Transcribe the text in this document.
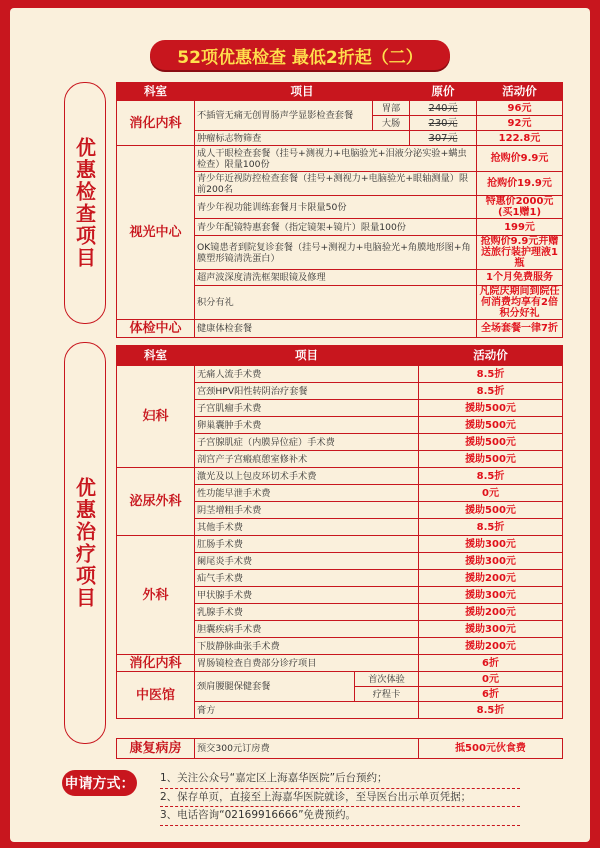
52项优惠检查 最低2折起（二）
优惠检查项目
优惠治疗项目
科室	项目		原价	活动价
消化内科	不插管无痛无创胃肠声学显影检查套餐	胃部	240元	96元
		大肠	230元	92元
	肿瘤标志物筛查		307元	122.8元
视光中心	成人干眼检查套餐（挂号+测视力+电脑验光+泪液分泌实验+螨虫检查）限量100份			抢购价9.9元
	青少年近视防控检查套餐（挂号+测视力+电脑验光+眼轴测量）限前200名			抢购价19.9元
	青少年视功能训练套餐月卡限量50份			特惠价2000元(买1赠1)
	青少年配镜特惠套餐（指定镜架+镜片）限量100份			199元
	OK镜患者到院复诊套餐（挂号+测视力+电脑验光+角膜地形图+角膜塑形镜清洗蛋白）			抢购价9.9元并赠送旅行装护理液1瓶
	超声波深度清洗框架眼镜及修理			1个月免费服务
	积分有礼			凡院庆期间到院任何消费均享有2倍积分好礼
体检中心	健康体检套餐			全场套餐一律7折
科室	项目		活动价
妇科	无痛人流手术费		8.5折
	宫颈HPV阳性转阴治疗套餐		8.5折
	子宫肌瘤手术费		援助500元
	卵巢囊肿手术费		援助500元
	子宫腺肌症（内膜异位症）手术费		援助500元
	剖宫产子宫瘢痕憩室修补术		援助500元
泌尿外科	激光及以上包皮环切术手术费		8.5折
	性功能早泄手术费		0元
	阴茎增粗手术费		援助500元
	其他手术费		8.5折
外科	肛肠手术费		援助300元
	阑尾炎手术费		援助300元
	疝气手术费		援助200元
	甲状腺手术费		援助300元
	乳腺手术费		援助200元
	胆囊疾病手术费		援助300元
	下肢静脉曲张手术费		援助200元
消化内科	胃肠镜检查自费部分诊疗项目		6折
中医馆	颈肩腰腿保健套餐	首次体验	0元
		疗程卡	6折
	膏方		8.5折
康复病房	预交300元订房费	抵500元伙食费
申请方式： 1、关注公众号“嘉定区上海嘉华医院”后台预约；
2、保存单页，直接至上海嘉华医院就诊，至导医台出示单页凭据；
3、电话咨询“02169916666”免费预约。
